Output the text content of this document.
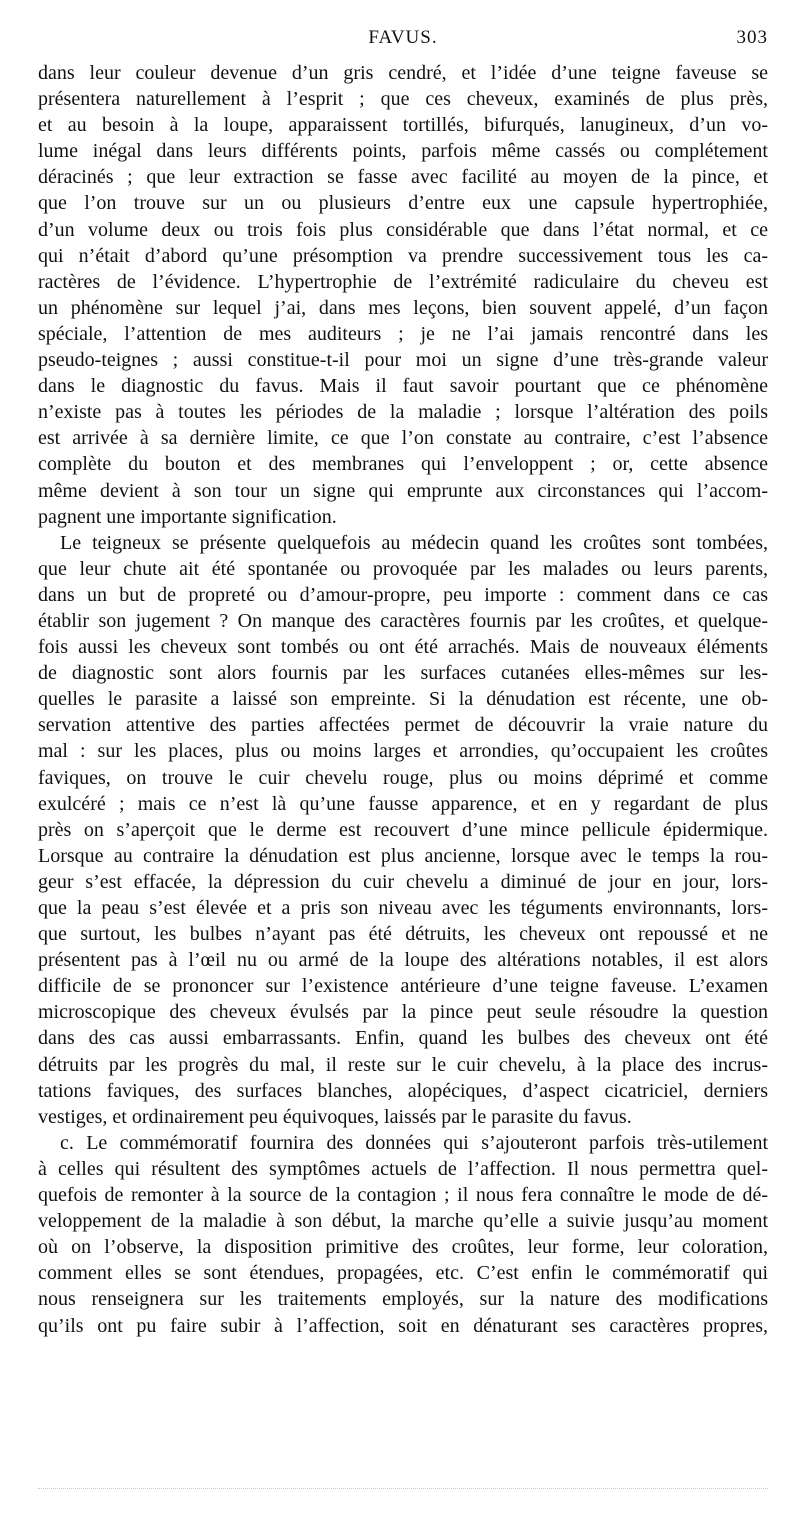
FAVUS.	303
dans leur couleur devenue d’un gris cendré, et l’idée d’une teigne faveuse se
présentera naturellement à l’esprit ; que ces cheveux, examinés de plus près,
et au besoin à la loupe, apparaissent tortillés, bifurqués, lanugineux, d’un vo-
lume inégal dans leurs différents points, parfois même cassés ou complétement
déracinés ; que leur extraction se fasse avec facilité au moyen de la pince, et
que l’on trouve sur un ou plusieurs d’entre eux une capsule hypertrophiée,
d’un volume deux ou trois fois plus considérable que dans l’état normal, et ce
qui n’était d’abord qu’une présomption va prendre successivement tous les ca-
ractères de l’évidence. L’hypertrophie de l’extrémité radiculaire du cheveu est
un phénomène sur lequel j’ai, dans mes leçons, bien souvent appelé, d’un façon
spéciale, l’attention de mes auditeurs ; je ne l’ai jamais rencontré dans les
pseudo-teignes ; aussi constitue-t-il pour moi un signe d’une très-grande valeur
dans le diagnostic du favus. Mais il faut savoir pourtant que ce phénomène
n’existe pas à toutes les périodes de la maladie ; lorsque l’altération des poils
est arrivée à sa dernière limite, ce que l’on constate au contraire, c’est l’absence
complète du bouton et des membranes qui l’enveloppent ; or, cette absence
même devient à son tour un signe qui emprunte aux circonstances qui l’accom-
pagnent une importante signification.
Le teigneux se présente quelquefois au médecin quand les croûtes sont tombées,
que leur chute ait été spontanée ou provoquée par les malades ou leurs parents,
dans un but de propreté ou d’amour-propre, peu importe : comment dans ce cas
établir son jugement ? On manque des caractères fournis par les croûtes, et quelque-
fois aussi les cheveux sont tombés ou ont été arrachés. Mais de nouveaux éléments
de diagnostic sont alors fournis par les surfaces cutanées elles-mêmes sur les-
quelles le parasite a laissé son empreinte. Si la dénudation est récente, une ob-
servation attentive des parties affectées permet de découvrir la vraie nature du
mal : sur les places, plus ou moins larges et arrondies, qu’occupaient les croûtes
faviques, on trouve le cuir chevelu rouge, plus ou moins déprimé et comme
exulcéré ; mais ce n’est là qu’une fausse apparence, et en y regardant de plus
près on s’aperçoit que le derme est recouvert d’une mince pellicule épidermique.
Lorsque au contraire la dénudation est plus ancienne, lorsque avec le temps la rou-
geur s’est effacée, la dépression du cuir chevelu a diminué de jour en jour, lors-
que la peau s’est élevée et a pris son niveau avec les téguments environnants, lors-
que surtout, les bulbes n’ayant pas été détruits, les cheveux ont repoussé et ne
présentent pas à l’œil nu ou armé de la loupe des altérations notables, il est alors
difficile de se prononcer sur l’existence antérieure d’une teigne faveuse. L’examen
microscopique des cheveux évulsés par la pince peut seule résoudre la question
dans des cas aussi embarrassants. Enfin, quand les bulbes des cheveux ont été
détruits par les progrès du mal, il reste sur le cuir chevelu, à la place des incrus-
tations faviques, des surfaces blanches, alopéciques, d’aspect cicatriciel, derniers
vestiges, et ordinairement peu équivoques, laissés par le parasite du favus.
c. Le commémoratif fournira des données qui s’ajouteront parfois très-utilement
à celles qui résultent des symptômes actuels de l’affection. Il nous permettra quel-
quefois de remonter à la source de la contagion ; il nous fera connaître le mode de dé-
veloppement de la maladie à son début, la marche qu’elle a suivie jusqu’au moment
où on l’observe, la disposition primitive des croûtes, leur forme, leur coloration,
comment elles se sont étendues, propagées, etc. C’est enfin le commémoratif qui
nous renseignera sur les traitements employés, sur la nature des modifications
qu’ils ont pu faire subir à l’affection, soit en dénaturant ses caractères propres,
